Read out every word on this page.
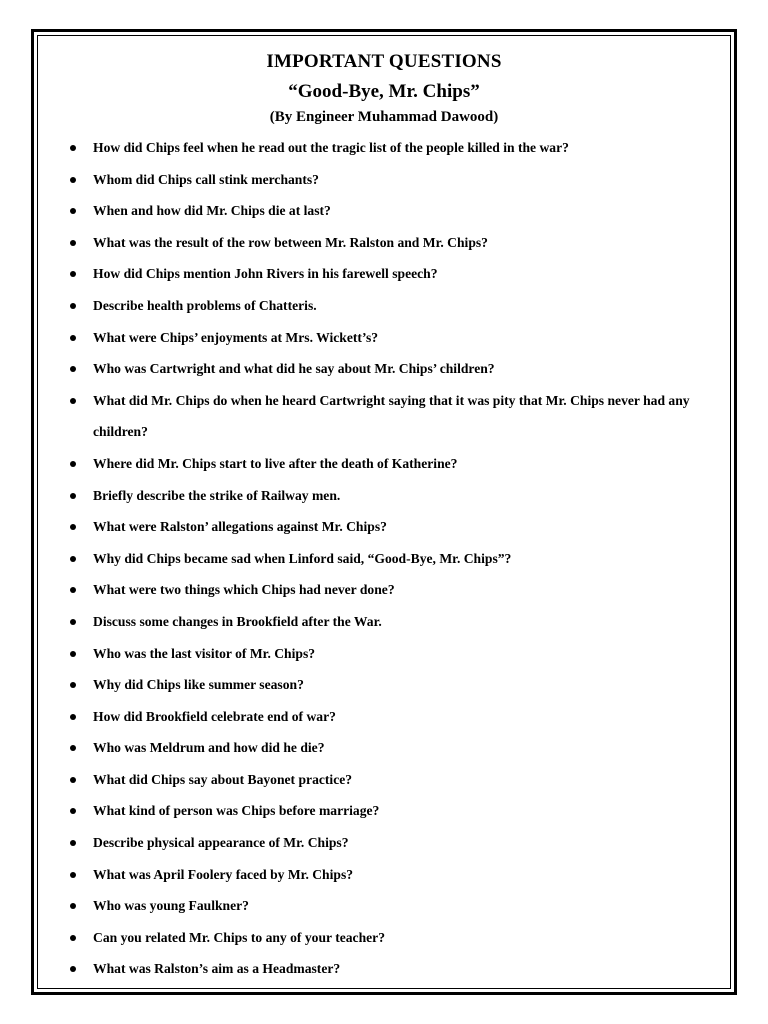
IMPORTANT QUESTIONS
“Good-Bye, Mr. Chips”
(By Engineer Muhammad Dawood)
How did Chips feel when he read out the tragic list of the people killed in the war?
Whom did Chips call stink merchants?
When and how did Mr. Chips die at last?
What was the result of the row between Mr. Ralston and Mr. Chips?
How did Chips mention John Rivers in his farewell speech?
Describe health problems of Chatteris.
What were Chips’ enjoyments at Mrs. Wickett’s?
Who was Cartwright and what did he say about Mr. Chips’ children?
What did Mr. Chips do when he heard Cartwright saying that it was pity that Mr. Chips never had any children?
Where did Mr. Chips start to live after the death of Katherine?
Briefly describe the strike of Railway men.
What were Ralston’ allegations against Mr. Chips?
Why did Chips became sad when Linford said, “Good-Bye, Mr. Chips”?
What were two things which Chips had never done?
Discuss some changes in Brookfield after the War.
Who was the last visitor of Mr. Chips?
Why did Chips like summer season?
How did Brookfield celebrate end of war?
Who was Meldrum and how did he die?
What did Chips say about Bayonet practice?
What kind of person was Chips before marriage?
Describe physical appearance of Mr. Chips?
What was April Foolery faced by Mr. Chips?
Who was young Faulkner?
Can you related Mr. Chips to any of your teacher?
What was Ralston’s aim as a Headmaster?
